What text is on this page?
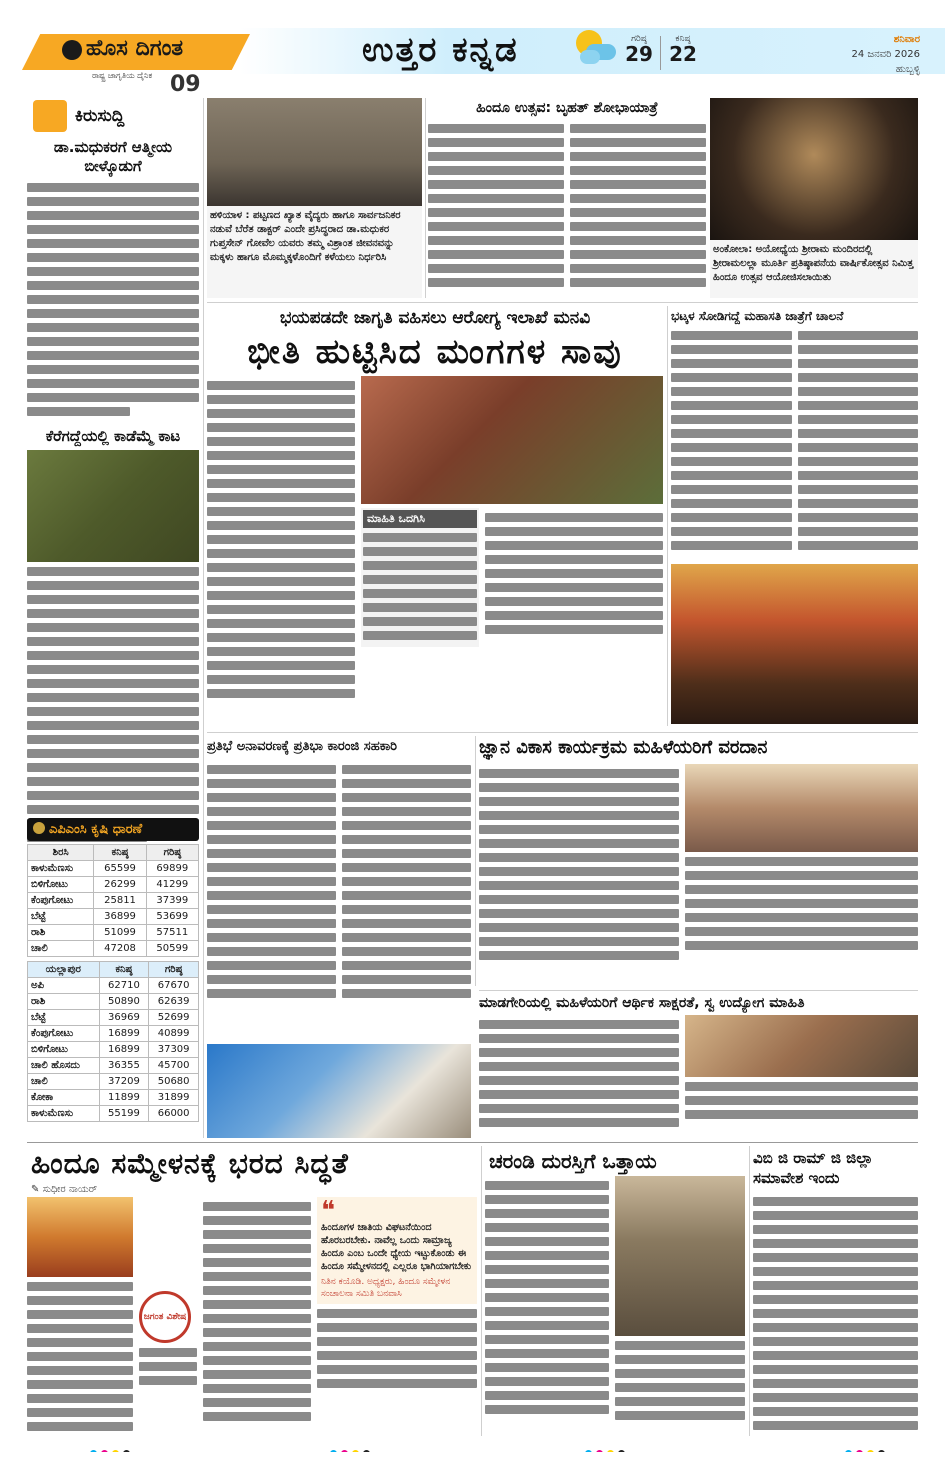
ಹೊಸ ದಿಗಂತ
ರಾಷ್ಟ್ರ ಜಾಗೃತಿಯ ದೈನಿಕ 09
ಉತ್ತರ ಕನ್ನಡ	ಗರಿಷ್ಠ
29
ಕನಿಷ್ಠ
22
ಶನಿವಾರ
24 ಜನವರಿ 2026
ಹುಬ್ಬಳ್ಳಿ
ಕಿರುಸುದ್ದಿ
ಡಾ.ಮಧುಕರಗೆ ಆತ್ಮೀಯ ಬೀಳ್ಕೊಡುಗೆ
ಕೆರೆಗದ್ದೆಯಲ್ಲಿ ಕಾಡೆಮ್ಮೆ ಕಾಟ
ಎಪಿಎಂಸಿ ಕೃಷಿ ಧಾರಣೆ
ಶಿರಸಿ	ಕನಿಷ್ಠ	ಗರಿಷ್ಠ
ಕಾಳುಮೆಣಸು	65599	69899
ಬಿಳಿಗೋಟು	26299	41299
ಕೆಂಪುಗೋಟು	25811	37399
ಬೆಟ್ಟೆ	36899	53699
ರಾಶಿ	51099	57511
ಚಾಲಿ	47208	50599
ಯಲ್ಲಾಪುರ	ಕನಿಷ್ಠ	ಗರಿಷ್ಠ
ಅಪಿ	62710	67670
ರಾಶಿ	50890	62639
ಬೆಟ್ಟೆ	36969	52699
ಕೆಂಪುಗೋಟು	16899	40899
ಬಿಳಿಗೋಟು	16899	37309
ಚಾಲಿ ಹೊಸದು	36355	45700
ಚಾಲಿ	37209	50680
ಕೋಕಾ	11899	31899
ಕಾಳುಮೆಣಸು	55199	66000
ಹಳಿಯಾಳ : ಪಟ್ಟಣದ ಖ್ಯಾತ ವೈದ್ಯರು ಹಾಗೂ ಸಾರ್ವಜನಿಕರ ನಡುವೆ ಬೆರೆತ ಡಾಕ್ಟರ್ ಎಂದೇ ಪ್ರಸಿದ್ಧರಾದ ಡಾ.ಮಧುಕರ ಗುಪ್ತಸೇನ್ ಗೋವೆಲ ಯವರು ತಮ್ಮ ವಿಶ್ರಾಂತ ಜೀವನವನ್ನು ಮಕ್ಕಳು ಹಾಗೂ ಮೊಮ್ಮಕ್ಕಳೊಂದಿಗೆ ಕಳೆಯಲು ನಿರ್ಧರಿಸಿ
ಹಿಂದೂ ಉತ್ಸವ: ಬೃಹತ್ ಶೋಭಾಯಾತ್ರೆ
ಅಂಕೋಲಾ: ಅಯೋಧ್ಯೆಯ ಶ್ರೀರಾಮ ಮಂದಿರದಲ್ಲಿ ಶ್ರೀರಾಮಲಲ್ಲಾ ಮೂರ್ತಿ ಪ್ರತಿಷ್ಠಾಪನೆಯ ವಾರ್ಷಿಕೋತ್ಸವ ನಿಮಿತ್ತ ಹಿಂದೂ ಉತ್ಸವ ಆಯೋಜಿಸಲಾಯಿತು
ಭಯಪಡದೇ ಜಾಗೃತಿ ವಹಿಸಲು ಆರೋಗ್ಯ ಇಲಾಖೆ ಮನವಿ
ಭೀತಿ ಹುಟ್ಟಿಸಿದ ಮಂಗಗಳ ಸಾವು
ಮಾಹಿತಿ ಒದಗಿಸಿ
ಭಟ್ಕಳ ಸೋಡಿಗದ್ದೆ ಮಹಾಸತಿ ಜಾತ್ರೆಗೆ ಚಾಲನೆ
ಪ್ರತಿಭೆ ಅನಾವರಣಕ್ಕೆ ಪ್ರತಿಭಾ ಕಾರಂಜಿ ಸಹಕಾರಿ	ಜ್ಞಾನ ವಿಕಾಸ ಕಾರ್ಯಕ್ರಮ ಮಹಿಳೆಯರಿಗೆ ವರದಾನ
ಮಾಡಗೇರಿಯಲ್ಲಿ ಮಹಿಳೆಯರಿಗೆ ಆರ್ಥಿಕ ಸಾಕ್ಷರತೆ, ಸ್ವ ಉದ್ಯೋಗ ಮಾಹಿತಿ
ಹಿಂದೂ ಸಮ್ಮೇಳನಕ್ಕೆ ಭರದ ಸಿದ್ಧತೆ
✎ ಸುಧೀರ ನಾಯರ್
ಜಗಂತ ವಿಶೇಷ
❝
ಹಿಂದೂಗಳ ಜಾತಿಯ ವಿಘಟನೆಯಿಂದ ಹೊರಬರಬೇಕು. ನಾವೆಲ್ಲ ಒಂದು ಸಾಮ್ರಾಜ್ಯ ಹಿಂದೂ ಎಂಬ ಒಂದೇ ಧ್ಯೇಯ ಇಟ್ಟುಕೊಂಡು ಈ ಹಿಂದೂ ಸಮ್ಮೇಳನದಲ್ಲಿ ಎಲ್ಲರೂ ಭಾಗಿಯಾಗಬೇಕು
ನಿತಿನ ಕಯೊಡಿ. ಅಧ್ಯಕ್ಷರು, ಹಿಂದೂ ಸಮ್ಮೇಳನ ಸಂಚಾಲನಾ ಸಮಿತಿ ಬನವಾಸಿ
ಚರಂಡಿ ದುರಸ್ತಿಗೆ ಒತ್ತಾಯ	ವಿಬಿ ಜಿ ರಾಮ್ ಜಿ ಜಿಲ್ಲಾ ಸಮಾವೇಶ ಇಂದು
